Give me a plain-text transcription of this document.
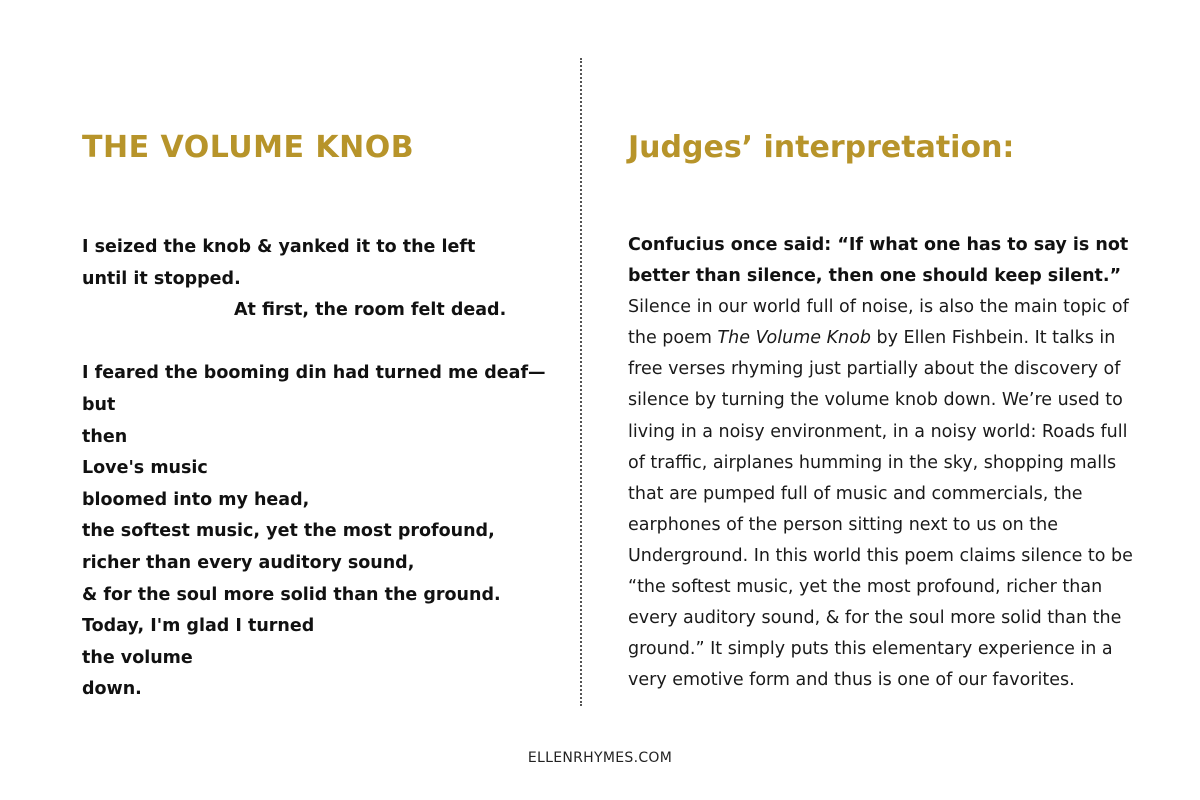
THE VOLUME KNOB
I seized the knob & yanked it to the left
until it stopped.
At first, the room felt dead.
I feared the booming din had turned me deaf—
but
then
Love's music
bloomed into my head,
the softest music, yet the most profound,
richer than every auditory sound,
& for the soul more solid than the ground.
Today, I'm glad I turned
the volume
down.
Judges’ interpretation:
Confucius once said: “If what one has to say is not better than silence, then one should keep silent.” Silence in our world full of noise, is also the main topic of the poem The Volume Knob by Ellen Fishbein. It talks in free verses rhyming just partially about the discovery of silence by turning the volume knob down. We’re used to living in a noisy environment, in a noisy world: Roads full of traffic, airplanes humming in the sky, shopping malls that are pumped full of music and commercials, the earphones of the person sitting next to us on the Underground. In this world this poem claims silence to be “the softest music, yet the most profound, richer than every auditory sound, & for the soul more solid than the ground.” It simply puts this elementary experience in a very emotive form and thus is one of our favorites.
ELLENRHYMES.COM
